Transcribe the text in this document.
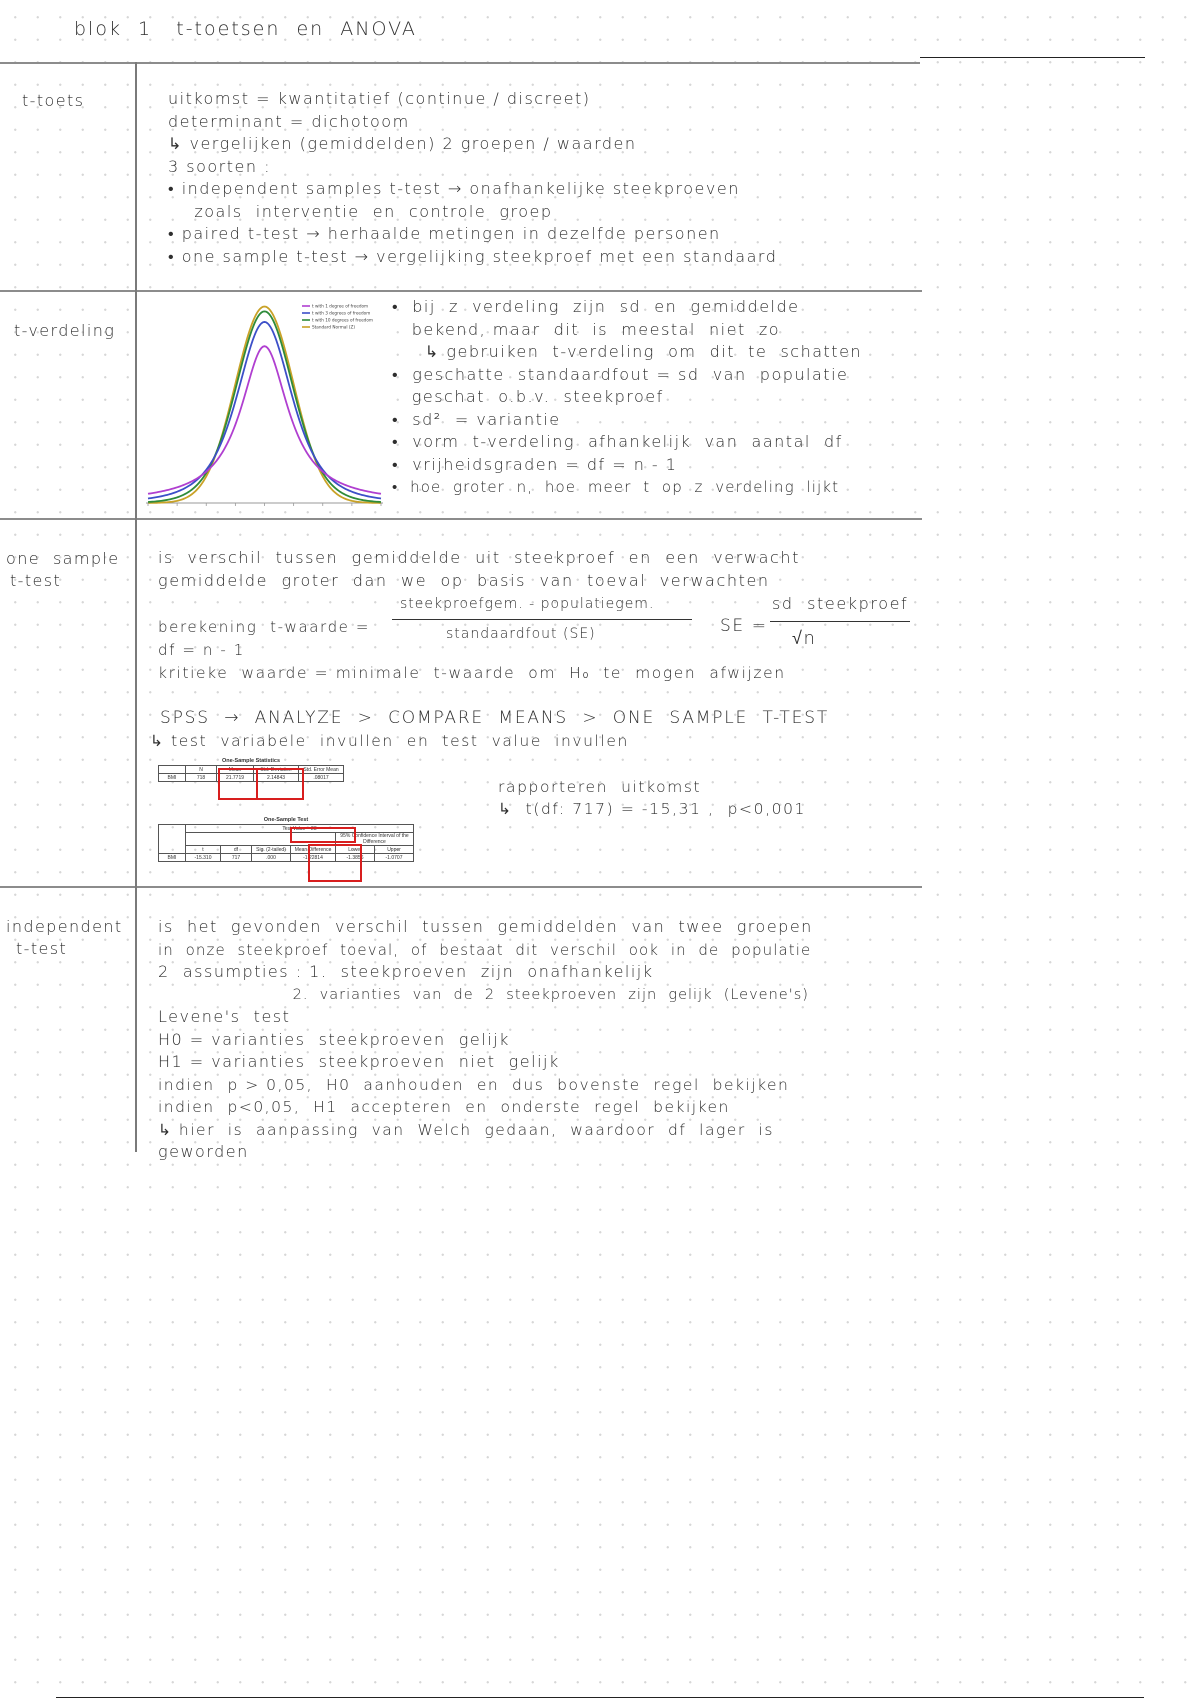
blok  1   t-toetsen  en  ANOVA
t-toets	uitkomst = kwantitatief (continue / discreet)
determinant = dichotoom
↳ vergelijken (gemiddelden) 2 groepen / waarden
3 soorten :
• independent samples t-test → onafhankelijke steekproeven
zoals  interventie  en  controle  groep
• paired t-test → herhaalde metingen in dezelfde personen
• one sample t-test → vergelijking steekproef met een standaard
t-verdeling
t with 1 degree of freedom
t with 3 degrees of freedom
t with 10 degrees of freedom
Standard Normal (Z)
•  bij  z  verdeling  zijn  sd  en  gemiddelde
bekend, maar  dit  is  meestal  niet  zo
↳ gebruiken  t-verdeling  om  dit  te  schatten
•  geschatte  standaardfout = sd  van  populatie
geschat  o.b.v.  steekproef
•  sd²  = variantie
•  vorm  t-verdeling  afhankelijk  van  aantal  df
•  vrijheidsgraden = df = n - 1
•  hoe  groter  n,  hoe  meer  t  op  z  verdeling  lijkt
one  sample
t-test
is  verschil  tussen  gemiddelde  uit  steekproef  en  een  verwacht
gemiddelde  groter  dan  we  op  basis  van  toeval  verwachten
berekening  t-waarde =
steekproefgem. - populatiegem.
standaardfout (SE)	SE =
sd  steekproef
√n
df = n - 1
kritieke  waarde = minimale  t-waarde  om  H₀  te  mogen  afwijzen
SPSS  →  ANALYZE  >  COMPARE  MEANS  >  ONE  SAMPLE  T-TEST
↳ test  variabele  invullen  en  test  value  invullen
One-Sample Statistics
	N	Mean	Std. Deviation	Std. Error Mean
BMI	718	21.7719	2.14843	.08017
One-Sample Test
	Test Value = 23					
					95% Confidence Interval of the Difference	
	t	df	Sig. (2-tailed)	Mean Difference	Lower	Upper
BMI	-15.310	717	.000	-1.22814	-1.3856	-1.0707
rapporteren  uitkomst
↳  t(df: 717) = -15,31 ,  p<0,001
independent
t-test
is  het  gevonden  verschil  tussen  gemiddelden  van  twee  groepen
in  onze  steekproef  toeval,  of  bestaat  dit  verschil  ook  in  de  populatie
2  assumpties : 1.  steekproeven  zijn  onafhankelijk
2.  varianties  van  de  2  steekproeven  zijn  gelijk  (Levene's)
Levene's  test
H0 = varianties  steekproeven  gelijk
H1 = varianties  steekproeven  niet  gelijk
indien  p > 0,05,  H0  aanhouden  en  dus  bovenste  regel  bekijken
indien  p<0,05,  H1  accepteren  en  onderste  regel  bekijken
↳ hier  is  aanpassing  van  Welch  gedaan,  waardoor  df  lager  is
geworden
